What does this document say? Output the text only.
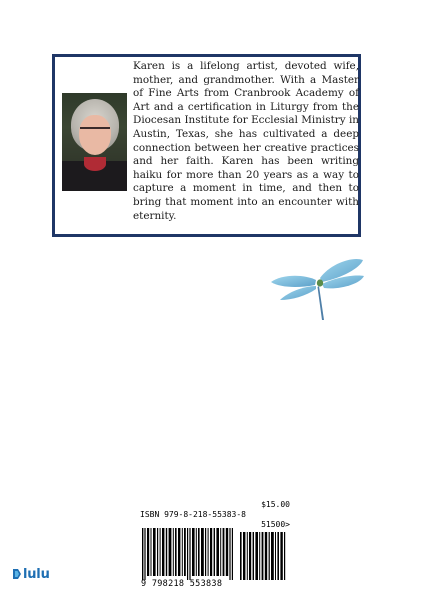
Karen is a lifelong artist, devoted wife, mother, and grandmother. With a Master of Fine Arts from Cranbrook Academy of Art and a certification in Liturgy from the Diocesan Institute for Ecclesial Ministry in Austin, Texas, she has cultivated a deep connection between her creative practices and her faith. Karen has been writing haiku for more than 20 years as a way to capture a moment in time, and then to bring that moment into an encounter with eternity.

$15.00

ISBN 979-8-218-55383-8

51500>

9 798218 553838

lulu
